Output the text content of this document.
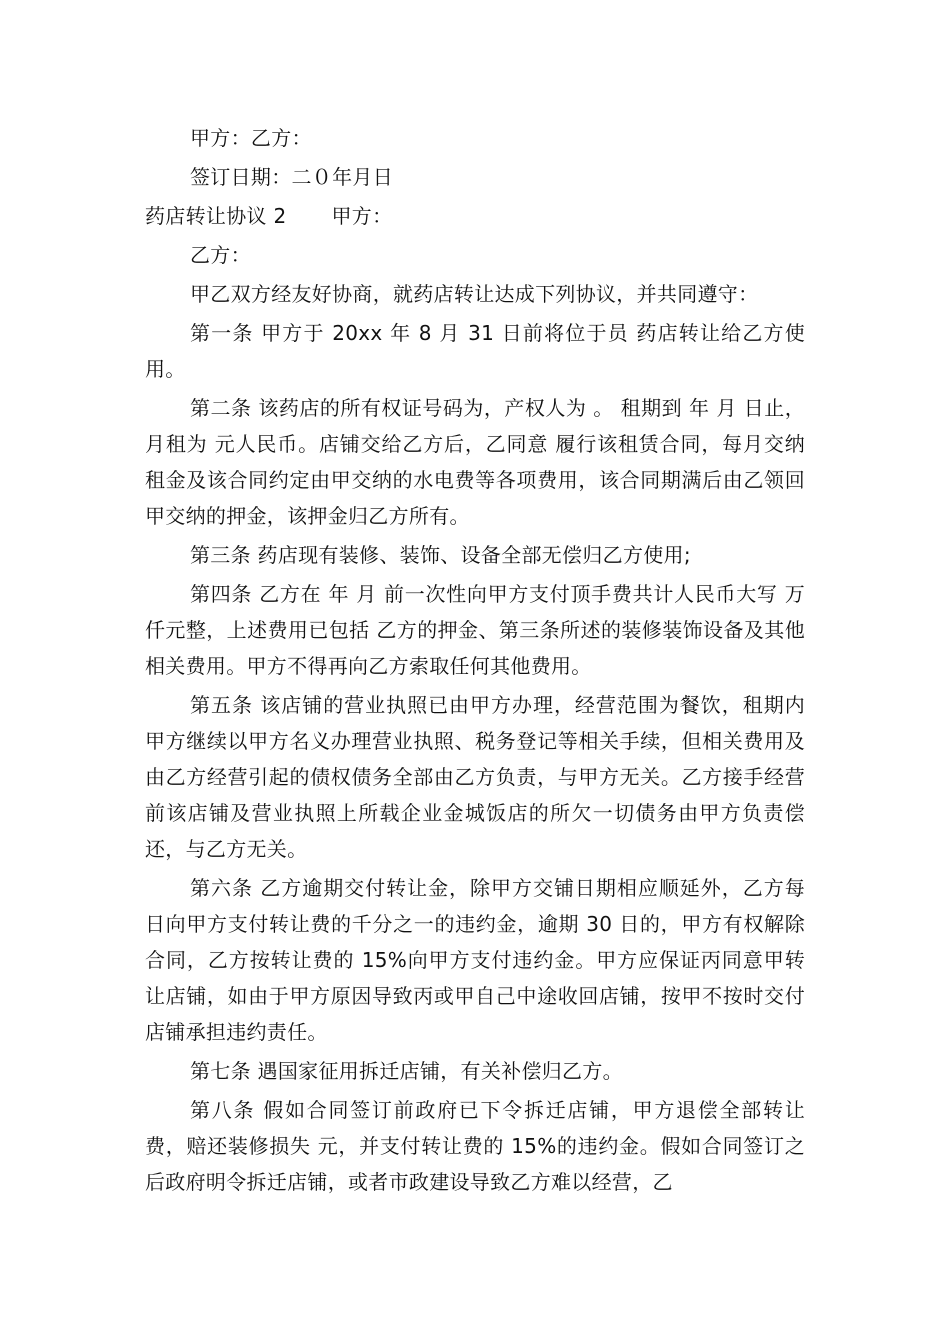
甲方：乙方：
签订日期：二０年月日
药店转让协议 2 甲方：
乙方：
甲乙双方经友好协商，就药店转让达成下列协议，并共同遵守：
第一条 甲方于 20xx 年 8 月 31 日前将位于员 药店转让给乙方使用。
第二条 该药店的所有权证号码为，产权人为 。 租期到 年 月 日止，月租为 元人民币。店铺交给乙方后，乙同意 履行该租赁合同，每月交纳租金及该合同约定由甲交纳的水电费等各项费用，该合同期满后由乙领回甲交纳的押金，该押金归乙方所有。
第三条 药店现有装修、装饰、设备全部无偿归乙方使用;
第四条 乙方在 年 月 前一次性向甲方支付顶手费共计人民币大写 万 仟元整，上述费用已包括 乙方的押金、第三条所述的装修装饰设备及其他相关费用。甲方不得再向乙方索取任何其他费用。
第五条 该店铺的营业执照已由甲方办理，经营范围为餐饮，租期内甲方继续以甲方名义办理营业执照、税务登记等相关手续，但相关费用及由乙方经营引起的债权债务全部由乙方负责，与甲方无关。乙方接手经营前该店铺及营业执照上所载企业金城饭店的所欠一切债务由甲方负责偿还，与乙方无关。
第六条 乙方逾期交付转让金，除甲方交铺日期相应顺延外，乙方每日向甲方支付转让费的千分之一的违约金，逾期 30 日的，甲方有权解除合同，乙方按转让费的 15%向甲方支付违约金。甲方应保证丙同意甲转让店铺，如由于甲方原因导致丙或甲自己中途收回店铺，按甲不按时交付店铺承担违约责任。
第七条 遇国家征用拆迁店铺，有关补偿归乙方。
第八条 假如合同签订前政府已下令拆迁店铺，甲方退偿全部转让费，赔还装修损失 元，并支付转让费的 15%的违约金。假如合同签订之后政府明令拆迁店铺，或者市政建设导致乙方难以经营，乙
